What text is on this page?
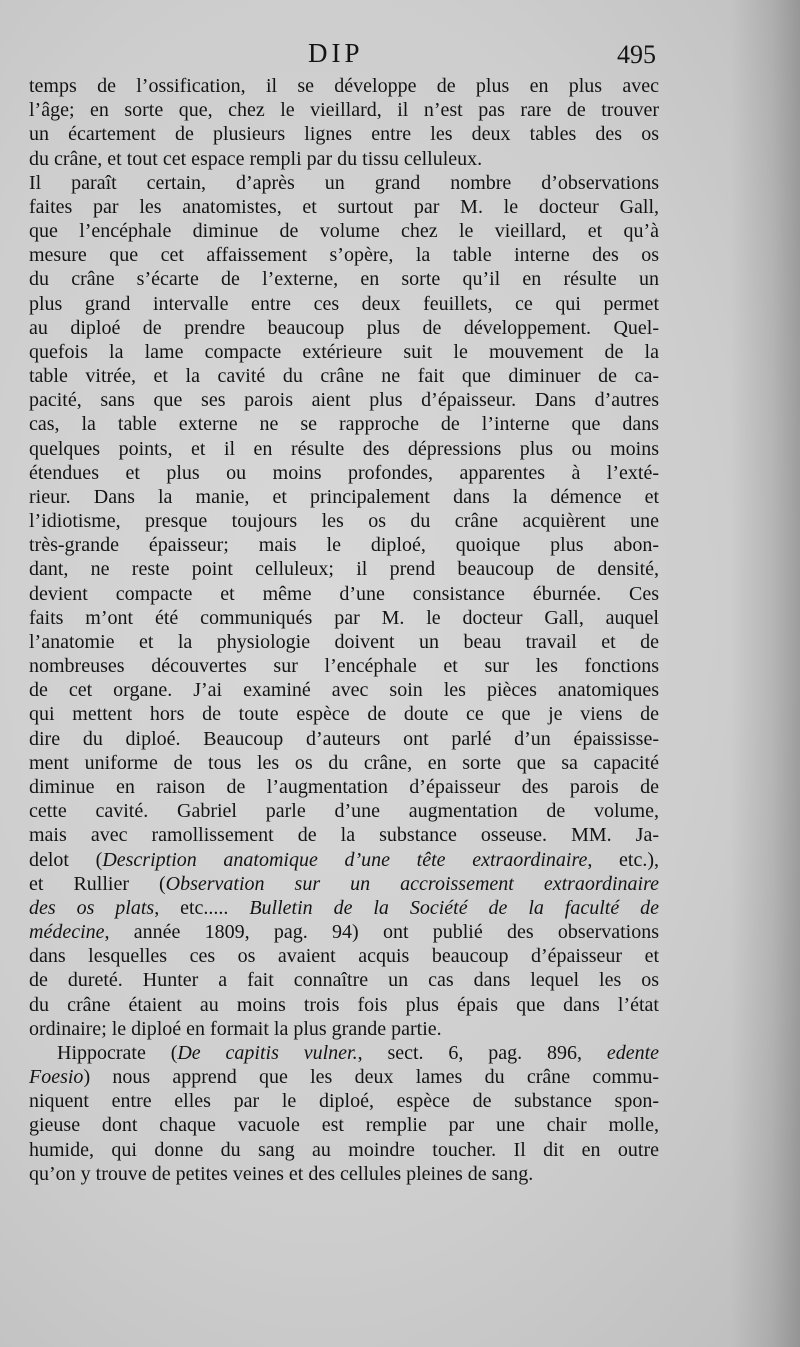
DIP	495
temps de l’ossification, il se développe de plus en plus avec
l’âge; en sorte que, chez le vieillard, il n’est pas rare de trouver
un écartement de plusieurs lignes entre les deux tables des os
du crâne, et tout cet espace rempli par du tissu celluleux.
Il paraît certain, d’après un grand nombre d’observations
faites par les anatomistes, et surtout par M. le docteur Gall,
que l’encéphale diminue de volume chez le vieillard, et qu’à
mesure que cet affaissement s’opère, la table interne des os
du crâne s’écarte de l’externe, en sorte qu’il en résulte un
plus grand intervalle entre ces deux feuillets, ce qui permet
au diploé de prendre beaucoup plus de développement. Quel-
quefois la lame compacte extérieure suit le mouvement de la
table vitrée, et la cavité du crâne ne fait que diminuer de ca-
pacité, sans que ses parois aient plus d’épaisseur. Dans d’autres
cas, la table externe ne se rapproche de l’interne que dans
quelques points, et il en résulte des dépressions plus ou moins
étendues et plus ou moins profondes, apparentes à l’exté-
rieur. Dans la manie, et principalement dans la démence et
l’idiotisme, presque toujours les os du crâne acquièrent une
très-grande épaisseur; mais le diploé, quoique plus abon-
dant, ne reste point celluleux; il prend beaucoup de densité,
devient compacte et même d’une consistance éburnée. Ces
faits m’ont été communiqués par M. le docteur Gall, auquel
l’anatomie et la physiologie doivent un beau travail et de
nombreuses découvertes sur l’encéphale et sur les fonctions
de cet organe. J’ai examiné avec soin les pièces anatomiques
qui mettent hors de toute espèce de doute ce que je viens de
dire du diploé. Beaucoup d’auteurs ont parlé d’un épaississe-
ment uniforme de tous les os du crâne, en sorte que sa capacité
diminue en raison de l’augmentation d’épaisseur des parois de
cette cavité. Gabriel parle d’une augmentation de volume,
mais avec ramollissement de la substance osseuse. MM. Ja-
delot (Description anatomique d’une tête extraordinaire, etc.),
et Rullier (Observation sur un accroissement extraordinaire
des os plats, etc..... Bulletin de la Société de la faculté de
médecine, année 1809, pag. 94) ont publié des observations
dans lesquelles ces os avaient acquis beaucoup d’épaisseur et
de dureté. Hunter a fait connaître un cas dans lequel les os
du crâne étaient au moins trois fois plus épais que dans l’état
ordinaire; le diploé en formait la plus grande partie.
Hippocrate (De capitis vulner., sect. 6, pag. 896, edente
Foesio) nous apprend que les deux lames du crâne commu-
niquent entre elles par le diploé, espèce de substance spon-
gieuse dont chaque vacuole est remplie par une chair molle,
humide, qui donne du sang au moindre toucher. Il dit en outre
qu’on y trouve de petites veines et des cellules pleines de sang.
